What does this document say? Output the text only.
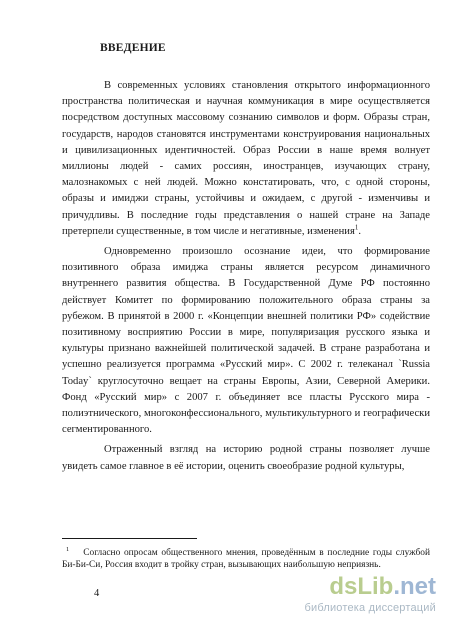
ВВЕДЕНИЕ

В современных условиях становления открытого информационного пространства политическая и научная коммуникация в мире осуществляется посредством доступных массовому сознанию символов и форм. Образы стран, государств, народов становятся инструментами конструирования национальных и цивилизационных идентичностей. Образ России в наше время волнует миллионы людей - самих россиян, иностранцев, изучающих страну, малознакомых с ней людей. Можно констатировать, что, с одной стороны, образы и имиджи страны, устойчивы и ожидаем, с другой - изменчивы и причудливы. В последние годы представления о нашей стране на Западе претерпели существенные, в том числе и негативные, изменения$^1$.

Одновременно произошло осознание идеи, что формирование позитивного образа имиджа страны является ресурсом динамичного внутреннего развития общества. В Государственной Думе РФ постоянно действует Комитет по формированию положительного образа страны за рубежом. В принятой в 2000 г. «Концепции внешней политики РФ» содействие позитивному восприятию России в мире, популяризация русского языка и культуры признано важнейшей политической задачей. В стране разработана и успешно реализуется программа «Русский мир». С 2002 г. телеканал `Russia Today` круглосуточно вещает на страны Европы, Азии, Северной Америки. Фонд «Русский мир» с 2007 г. объединяет все пласты Русского мира - полиэтнического, многоконфессионального, мультикультурного и географически сегментированного.

Отраженный взгляд на историю родной страны позволяет лучше увидеть самое главное в её истории, оценить своеобразие родной культуры,

$^1$ Согласно опросам общественного мнения, проведённым в последние годы службой Би-Би-Си, Россия входит в тройку стран, вызывающих наибольшую неприязнь.
4	dsLib.net
библиотека диссертаций
